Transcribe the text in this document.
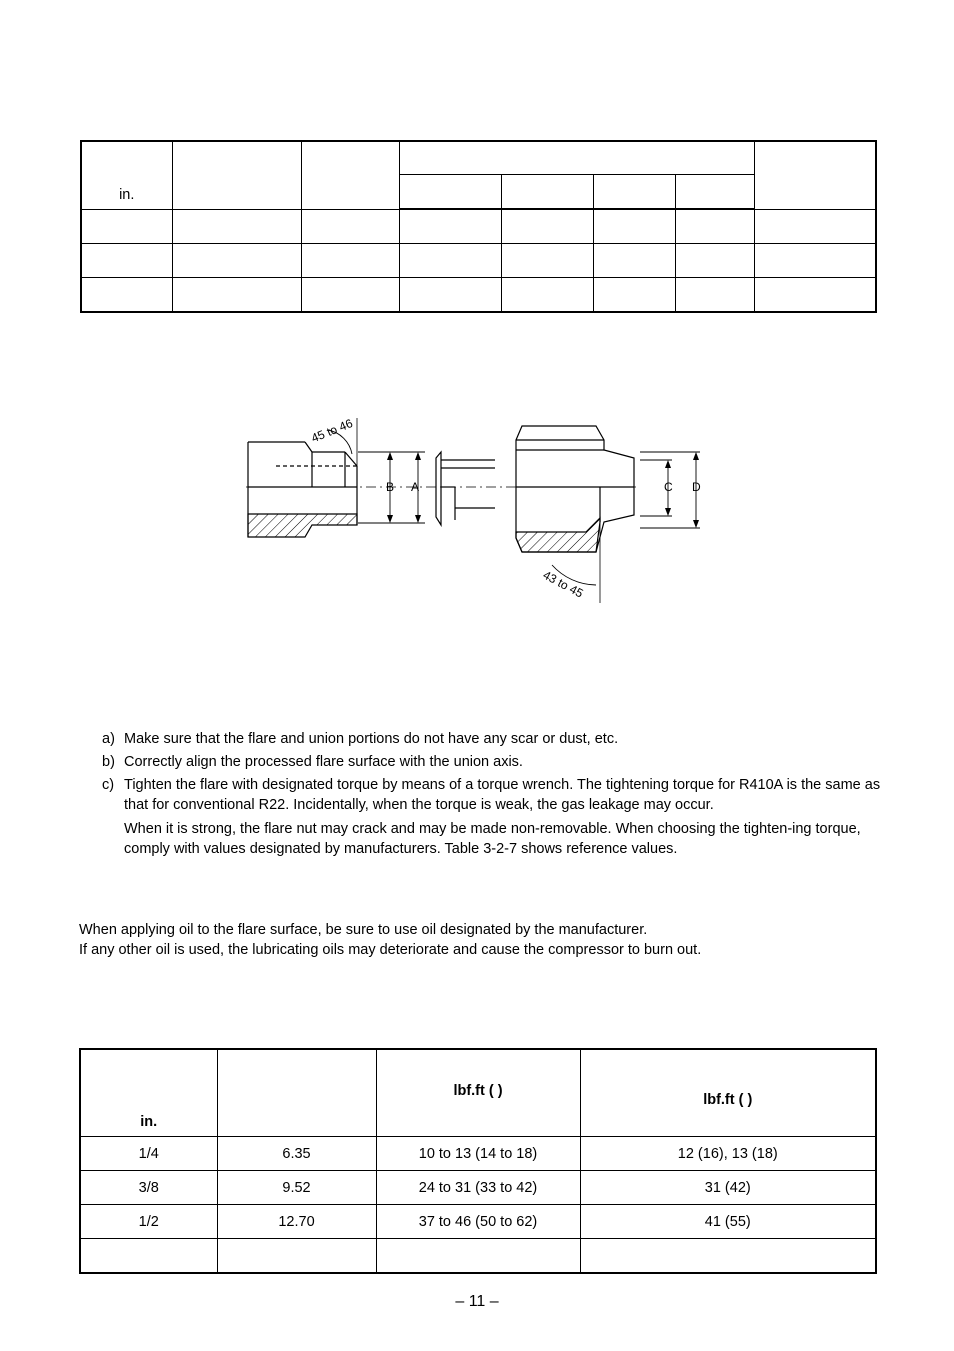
in.							

45 to 46
B A	C D
43 to 45
a) Make sure that the flare and union portions do not have any scar or dust, etc.
b) Correctly align the processed flare surface with the union axis.
c) Tighten the flare with designated torque by means of a torque wrench. The tightening torque for R410A is the same as that for conventional R22. Incidentally, when the torque is weak, the gas leakage may occur.
When it is strong, the flare nut may crack and may be made non-removable. When choosing the tighten-ing torque, comply with values designated by manufacturers. Table 3-2-7 shows reference values.
When applying oil to the flare surface, be sure to use oil designated by the manufacturer.
If any other oil is used, the lubricating oils may deteriorate and cause the compressor to burn out.
in.		lbf.ft ( )	lbf.ft ( )
1/4	6.35	10 to 13 (14 to 18)	12 (16), 13 (18)
3/8	9.52	24 to 31 (33 to 42)	31 (42)
1/2	12.70	37 to 46 (50 to 62)	41 (55)

– 11 –
